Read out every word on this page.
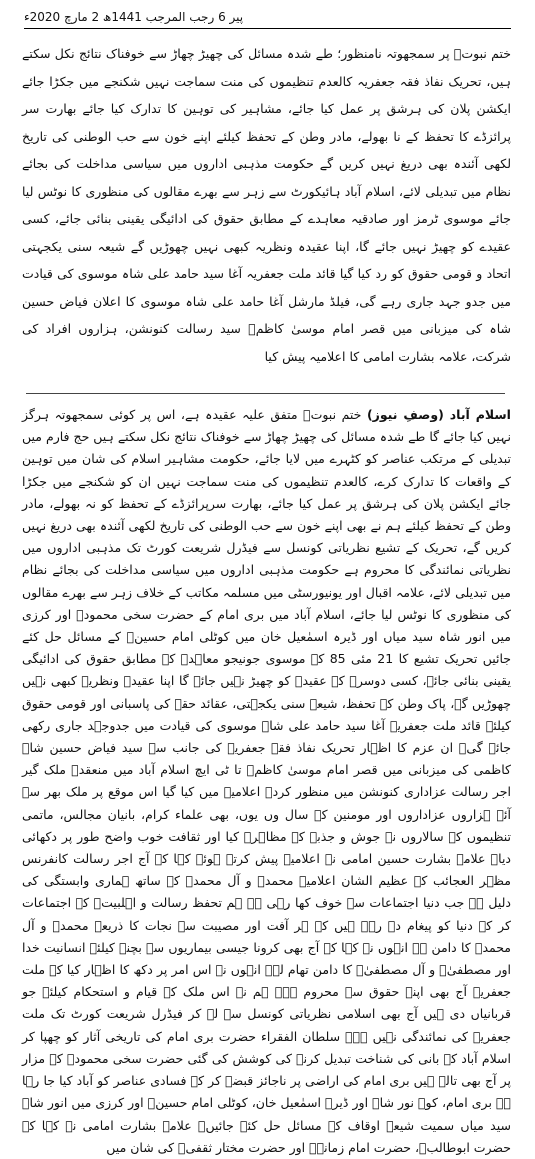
پیر 6 رجب المرجب 1441ھ 2 مارچ 2020ء

ختم نبوتؐ پر سمجھوتہ نامنظور؛ طے شدہ مسائل کی چھیڑ چھاڑ سے خوفناک نتائج نکل سکتے ہیں، تحریک نفاذ فقہ جعفریہ کالعدم تنظیموں کی منت سماجت نہیں شکنجے میں جکڑا جائے ایکشن پلان کی ہرشق پر عمل کیا جائے، مشاہیر کی توہین کا تدارک کیا جائے بھارت سر پرائزڈے کا تحفظ کے نا بھولے، مادر وطن کے تحفظ کیلئے اپنے خون سے حب الوطنی کی تاریخ لکھی آئندہ بھی دریغ نہیں کریں گے حکومت مذہبی اداروں میں سیاسی مداخلت کی بجائے نظام میں تبدیلی لائے، اسلام آباد ہائیکورٹ سے زہر سے بھرے مقالوں کی منظوری کا نوٹس لیا جائے موسوی ٹرمز اور صادقیہ معاہدے کے مطابق حقوق کی ادائیگی یقینی بنائی جائے، کسی عقیدے کو چھیڑ نہیں جائے گا، اپنا عقیدہ ونظریہ کبھی نہیں چھوڑیں گے شیعہ سنی یکجہتی اتحاد و قومی حقوق کو رد کیا گیا قائد ملت جعفریہ آغا سید حامد علی شاہ موسوی کی قیادت میں جدو جہد جاری رہے گی، فیلڈ مارشل آغا حامد علی شاہ موسوی کا اعلان فیاض حسین شاہ کی میزبانی میں قصر امام موسیٰ کاظمؑ سید رسالت کنونشن، ہزاروں افراد کی شرکت، علامہ بشارت امامی کا اعلامیہ پیش کیا

اسلام آباد (وصفِ نیوز) ختم نبوتؐ متفق علیہ عقیدہ ہے، اس پر کوئی سمجھوتہ ہرگز نہیں کیا جائے گا طے شدہ مسائل کی چھیڑ چھاڑ سے خوفناک نتائج نکل سکتے ہیں حج فارم میں تبدیلی کے مرتکب عناصر کو کٹہرے میں لایا جائے، حکومت مشاہیر اسلام کی شان میں توہین کے واقعات کا تدارک کرے، کالعدم تنظیموں کی منت سماجت نہیں ان کو شکنجے میں جکڑا جائے ایکشن پلان کی ہرشق پر عمل کیا جائے، بھارت سرپرائزڈے کے تحفظ کو نہ بھولے، مادر وطن کے تحفظ کیلئے ہم نے بھی اپنے خون سے حب الوطنی کی تاریخ لکھی آئندہ بھی دریغ نہیں کریں گے، تحریک کے تشیع نظریاتی کونسل سے فیڈرل شریعت کورٹ تک مذہبی اداروں میں نظریاتی نمائندگی کا محروم ہے حکومت مذہبی اداروں میں سیاسی مداخلت کی بجائے نظام میں تبدیلی لائے، علامہ اقبال اور یونیورسٹی میں مسلمہ مکاتب کے خلاف زہر سے بھرے مقالوں کی منظوری کا نوٹس لیا جائے، اسلام آباد میں بری امام کے حضرت سخی محمودؒ اور کرزی میں انور شاہ سید میاں اور ڈیرہ اسمٰعیل خان میں کوٹلی امام حسینؑ کے مسائل حل کئے جائیں تحریک تشیع کا 21 مئی 85 کے موسوی جونیجو معاہدے کے مطابق حقوق کی ادائیگی یقینی بنائی جائے، کسی دوسرے کے عقیدے کو چھیڑ نہیں جائے گا اپنا عقیدہ ونظریہ کبھی نہیں چھوڑیں گے، پاک وطن کے تحفظ، شیعہ سنی یکجہتی، عقائد حقہ کی پاسبانی اور قومی حقوق کیلئے قائد ملت جعفریہ آغا سید حامد علی شاہ موسوی کی قیادت میں جدوجہد جاری رکھی جائے گی۔ ان عزم کا اظہار تحریک نفاذ فقہ جعفریہ کی جانب سے سید فیاض حسین شاہ کاظمی کی میزبانی میں قصر امام موسیٰ کاظمؑ تا ٹی ایچ اسلام آباد میں منعقدہ ملک گیر اجر رسالت عزاداری کنونشن میں منظور کردہ اعلامیہ میں کیا گیا اس موقع پر ملک بھر سے آئے ہزاروں عزاداروں اور مومنین کے سال وں یوں، بھی علماء کرام، بانیان مجالس، ماتمی تنظیموں کے سالاروں نے جوش و جذبے کے مظاہرہ کیا اور ثقافت خوب واضح طور پر دکھائی دیا۔ علامہ بشارت حسین امامی نے اعلامیہ پیش کرتے ہوئے کہا کہ آج اجر رسالت کانفرنس مظہر العجائب کے عظیم الشان اعلامیہ محمدؐ و آل محمدؐ کے ساتھ ہماری وابستگی کی دلیل ہے جب دنیا اجتماعات سے خوف کھا رہی ہے ہم تحفظ رسالت و اہلبیتؑ کے اجتماعات کر کے دنیا کو پیغام دے رہے ہیں کہ ہر آفت اور مصیبت سے نجات کا ذریعہ محمدؐ و آل محمدؐ کا دامن ہے انہوں نے کہا کہ آج بھی کرونا جیسی بیماریوں سے بچنے کیلئے انسانیت خدا اور مصطفیٰؐ و آل مصطفیٰؐ کا دامن تھام لے۔ انہوں نے اس امر پر دکھ کا اظہار کیا کہ ملت جعفریہ آج بھی اپنے حقوق سے محروم ہے۔ ہم نے اس ملک کے قیام و استحکام کیلئے جو قربانیاں دی ہیں آج بھی اسلامی نظریاتی کونسل سے لے کر فیڈرل شریعت کورٹ تک ملت جعفریہ کی نمائندگی نہیں ہے۔ سلطان الفقراء حضرت بری امام کی تاریخی آثار کو چھپا کر اسلام آباد کے بانی کی شناخت تبدیل کرنے کی کوشش کی گئی حضرت سخی محمودؒ کے مزار پر آج بھی تالے ہیں بری امام کی اراضی پر ناجائز قبضے کر کے فسادی عناصر کو آباد کیا جا رہا ہے بری امام، کوہ نور شاہ اور ڈیرہ اسمٰعیل خان، کوٹلی امام حسینؑ اور کرزی میں انور شاہ سید میاں سمیت شیعہ اوقاف کے مسائل حل کئے جائیں۔ علامہ بشارت امامی نے کہا کہ حضرت ابوطالبؑ، حضرت امام زمانہؑ اور حضرت مختار ثقفیؒ کی شان میں
